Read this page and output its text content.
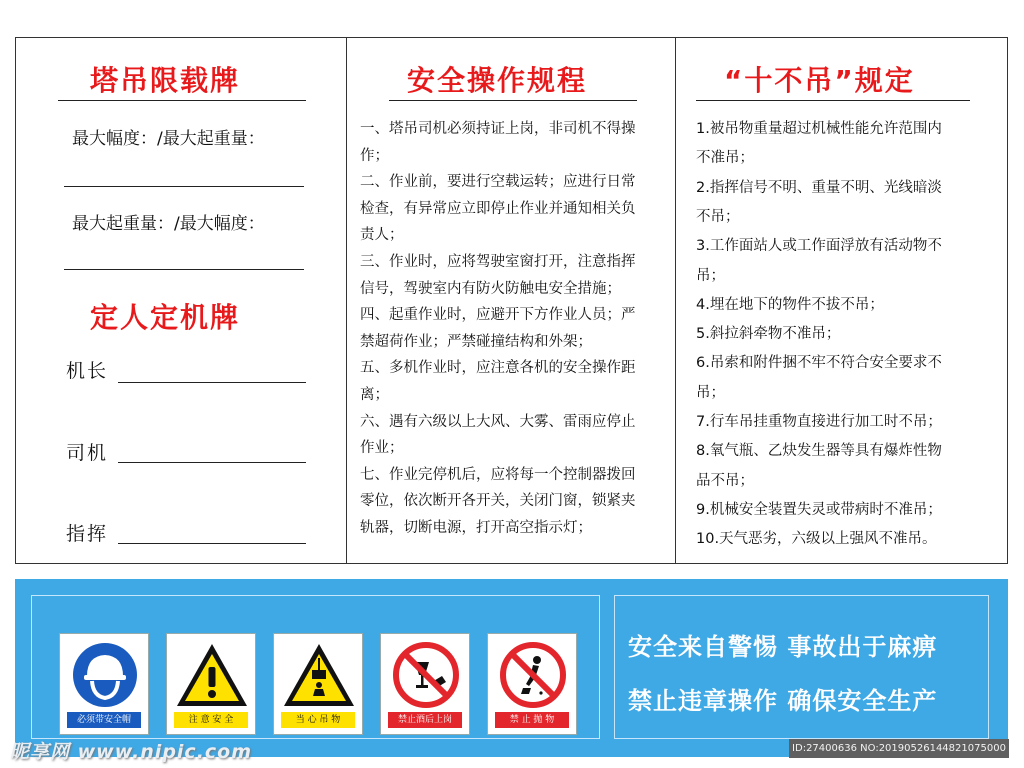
塔吊限载牌
最大幅度：/最大起重量：
最大起重量：/最大幅度：
定人定机牌
机长
司机
指挥
安全操作规程
一、塔吊司机必须持证上岗，非司机不得操
作；
二、作业前，要进行空载运转；应进行日常
检查，有异常应立即停止作业并通知相关负
责人；
三、作业时，应将驾驶室窗打开，注意指挥
信号，驾驶室内有防火防触电安全措施；
四、起重作业时，应避开下方作业人员；严
禁超荷作业；严禁碰撞结构和外架；
五、多机作业时，应注意各机的安全操作距
离；
六、遇有六级以上大风、大雾、雷雨应停止
作业；
七、作业完停机后，应将每一个控制器拨回
零位，依次断开各开关，关闭门窗，锁紧夹
轨器，切断电源，打开高空指示灯；
“十不吊”规定
1.被吊物重量超过机械性能允许范围内
不准吊；
2.指挥信号不明、重量不明、光线暗淡
不吊；
3.工作面站人或工作面浮放有活动物不
吊；
4.埋在地下的物件不拔不吊；
5.斜拉斜牵物不准吊；
6.吊索和附件捆不牢不符合安全要求不
吊；
7.行车吊挂重物直接进行加工时不吊；
8.氧气瓶、乙炔发生器等具有爆炸性物
品不吊；
9.机械安全装置失灵或带病时不准吊；
10.天气恶劣，六级以上强风不准吊。
必须带安全帽	注 意 安 全	当 心 吊 物	禁止酒后上岗	禁 止 抛 物
安全来自警惕 事故出于麻痹
禁止违章操作 确保安全生产
昵享网 www.nipic.com	ID:27400636 NO:20190526144821075000
